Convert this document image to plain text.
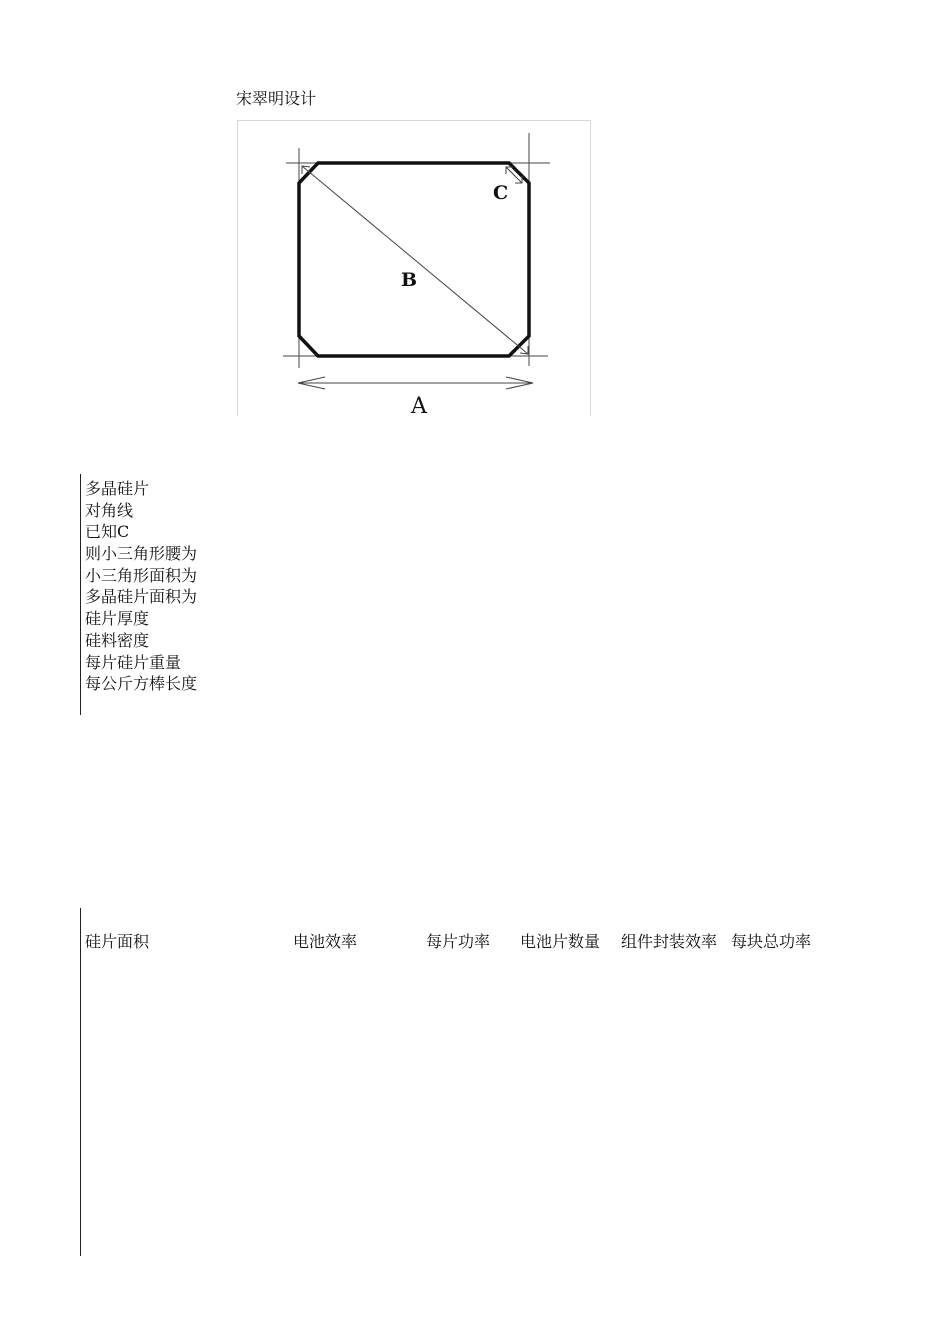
宋翠明设计
C
B
A
多晶硅片
对角线
已知C
则小三角形腰为
小三角形面积为
多晶硅片面积为
硅片厚度
硅料密度
每片硅片重量
每公斤方棒长度
硅片面积	电池效率	每片功率 电池片数量 组件封装效率 每块总功率
